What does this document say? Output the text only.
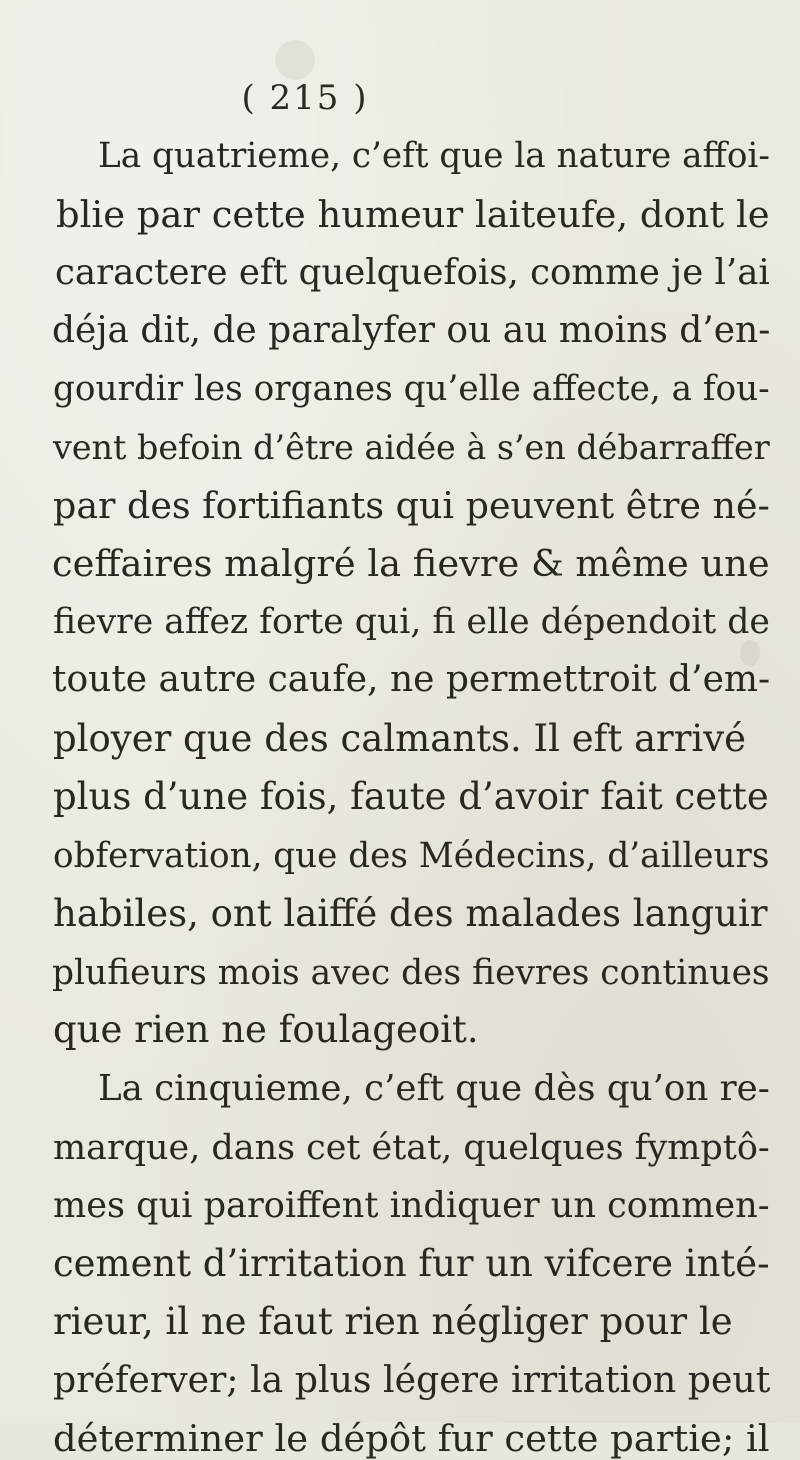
( 215 )
La quatrieme, c’eft que la nature affoi-
blie par cette humeur laiteufe, dont le
caractere eft quelquefois, comme je l’ai
déja dit, de paralyfer ou au moins d’en-
gourdir les organes qu’elle affecte, a fou-
vent befoin d’être aidée à s’en débarraffer
par des fortifiants qui peuvent être né-
ceffaires malgré la fievre & même une
fievre affez forte qui, fi elle dépendoit de
toute autre caufe, ne permettroit d’em-
ployer que des calmants. Il eft arrivé
plus d’une fois, faute d’avoir fait cette
obfervation, que des Médecins, d’ailleurs
habiles, ont laiffé des malades languir
plufieurs mois avec des fievres continues
que rien ne foulageoit.
La cinquieme, c’eft que dès qu’on re-
marque, dans cet état, quelques fymptô-
mes qui paroiffent indiquer un commen-
cement d’irritation fur un vifcere inté-
rieur, il ne faut rien négliger pour le
préferver; la plus légere irritation peut
déterminer le dépôt fur cette partie; il
